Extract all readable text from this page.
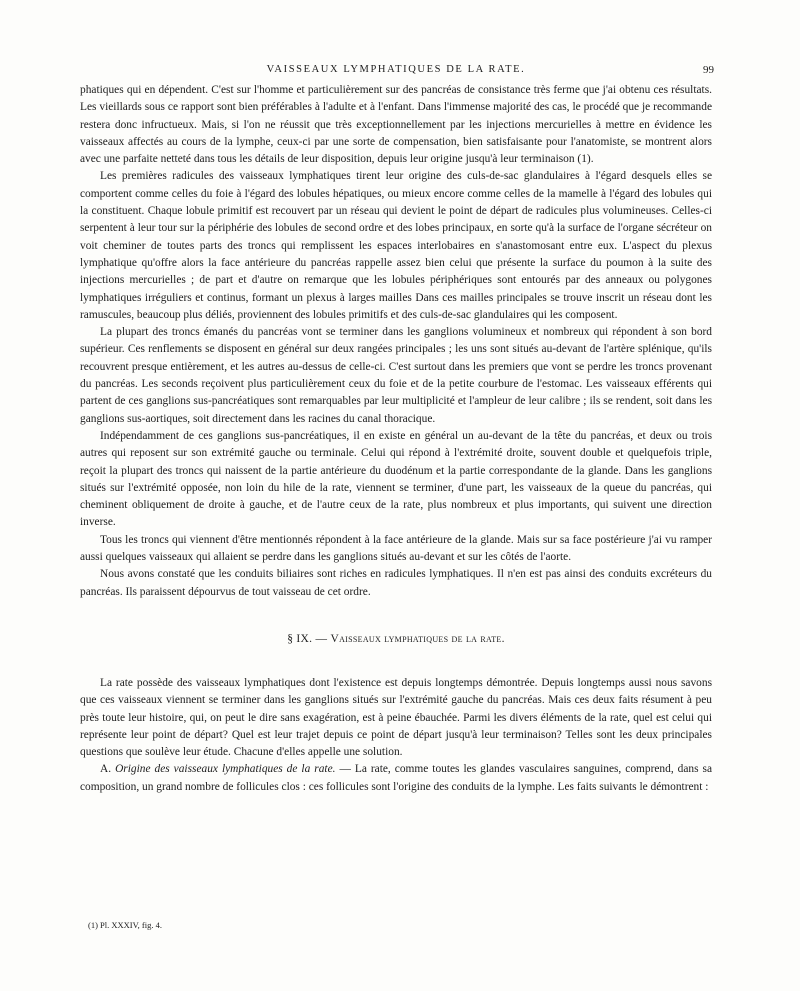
VAISSEAUX LYMPHATIQUES DE LA RATE.	99

phatiques qui en dépendent. C'est sur l'homme et particulièrement sur des pancréas de consistance très ferme que j'ai obtenu ces résultats. Les vieillards sous ce rapport sont bien préférables à l'adulte et à l'enfant. Dans l'immense majorité des cas, le procédé que je recommande restera donc infructueux. Mais, si l'on ne réussit que très exceptionnellement par les injections mercurielles à mettre en évidence les vaisseaux affectés au cours de la lymphe, ceux-ci par une sorte de compensation, bien satisfaisante pour l'anatomiste, se montrent alors avec une parfaite netteté dans tous les détails de leur disposition, depuis leur origine jusqu'à leur terminaison (1).

Les premières radicules des vaisseaux lymphatiques tirent leur origine des culs-de-sac glandulaires à l'égard desquels elles se comportent comme celles du foie à l'égard des lobules hépatiques, ou mieux encore comme celles de la mamelle à l'égard des lobules qui la constituent. Chaque lobule primitif est recouvert par un réseau qui devient le point de départ de radicules plus volumineuses. Celles-ci serpentent à leur tour sur la périphérie des lobules de second ordre et des lobes principaux, en sorte qu'à la surface de l'organe sécréteur on voit cheminer de toutes parts des troncs qui remplissent les espaces interlobaires en s'anastomosant entre eux. L'aspect du plexus lymphatique qu'offre alors la face antérieure du pancréas rappelle assez bien celui que présente la surface du poumon à la suite des injections mercurielles ; de part et d'autre on remarque que les lobules périphériques sont entourés par des anneaux ou polygones lymphatiques irréguliers et continus, formant un plexus à larges mailles Dans ces mailles principales se trouve inscrit un réseau dont les ramuscules, beaucoup plus déliés, proviennent des lobules primitifs et des culs-de-sac glandulaires qui les composent.

La plupart des troncs émanés du pancréas vont se terminer dans les ganglions volumineux et nombreux qui répondent à son bord supérieur. Ces renflements se disposent en général sur deux rangées principales ; les uns sont situés au-devant de l'artère splénique, qu'ils recouvrent presque entièrement, et les autres au-dessus de celle-ci. C'est surtout dans les premiers que vont se perdre les troncs provenant du pancréas. Les seconds reçoivent plus particulièrement ceux du foie et de la petite courbure de l'estomac. Les vaisseaux efférents qui partent de ces ganglions sus-pancréatiques sont remarquables par leur multiplicité et l'ampleur de leur calibre ; ils se rendent, soit dans les ganglions sus-aortiques, soit directement dans les racines du canal thoracique.

Indépendamment de ces ganglions sus-pancréatiques, il en existe en général un au-devant de la tête du pancréas, et deux ou trois autres qui reposent sur son extrémité gauche ou terminale. Celui qui répond à l'extrémité droite, souvent double et quelquefois triple, reçoit la plupart des troncs qui naissent de la partie antérieure du duodénum et la partie correspondante de la glande. Dans les ganglions situés sur l'extrémité opposée, non loin du hile de la rate, viennent se terminer, d'une part, les vaisseaux de la queue du pancréas, qui cheminent obliquement de droite à gauche, et de l'autre ceux de la rate, plus nombreux et plus importants, qui suivent une direction inverse.

Tous les troncs qui viennent d'être mentionnés répondent à la face antérieure de la glande. Mais sur sa face postérieure j'ai vu ramper aussi quelques vaisseaux qui allaient se perdre dans les ganglions situés au-devant et sur les côtés de l'aorte.

Nous avons constaté que les conduits biliaires sont riches en radicules lymphatiques. Il n'en est pas ainsi des conduits excréteurs du pancréas. Ils paraissent dépourvus de tout vaisseau de cet ordre.

§ IX. — Vaisseaux lymphatiques de la rate.

La rate possède des vaisseaux lymphatiques dont l'existence est depuis longtemps démontrée. Depuis longtemps aussi nous savons que ces vaisseaux viennent se terminer dans les ganglions situés sur l'extrémité gauche du pancréas. Mais ces deux faits résument à peu près toute leur histoire, qui, on peut le dire sans exagération, est à peine ébauchée. Parmi les divers éléments de la rate, quel est celui qui représente leur point de départ? Quel est leur trajet depuis ce point de départ jusqu'à leur terminaison? Telles sont les deux principales questions que soulève leur étude. Chacune d'elles appelle une solution.

A. Origine des vaisseaux lymphatiques de la rate. — La rate, comme toutes les glandes vasculaires sanguines, comprend, dans sa composition, un grand nombre de follicules clos : ces follicules sont l'origine des conduits de la lymphe. Les faits suivants le démontrent :

(1) Pl. XXXIV, fig. 4.
